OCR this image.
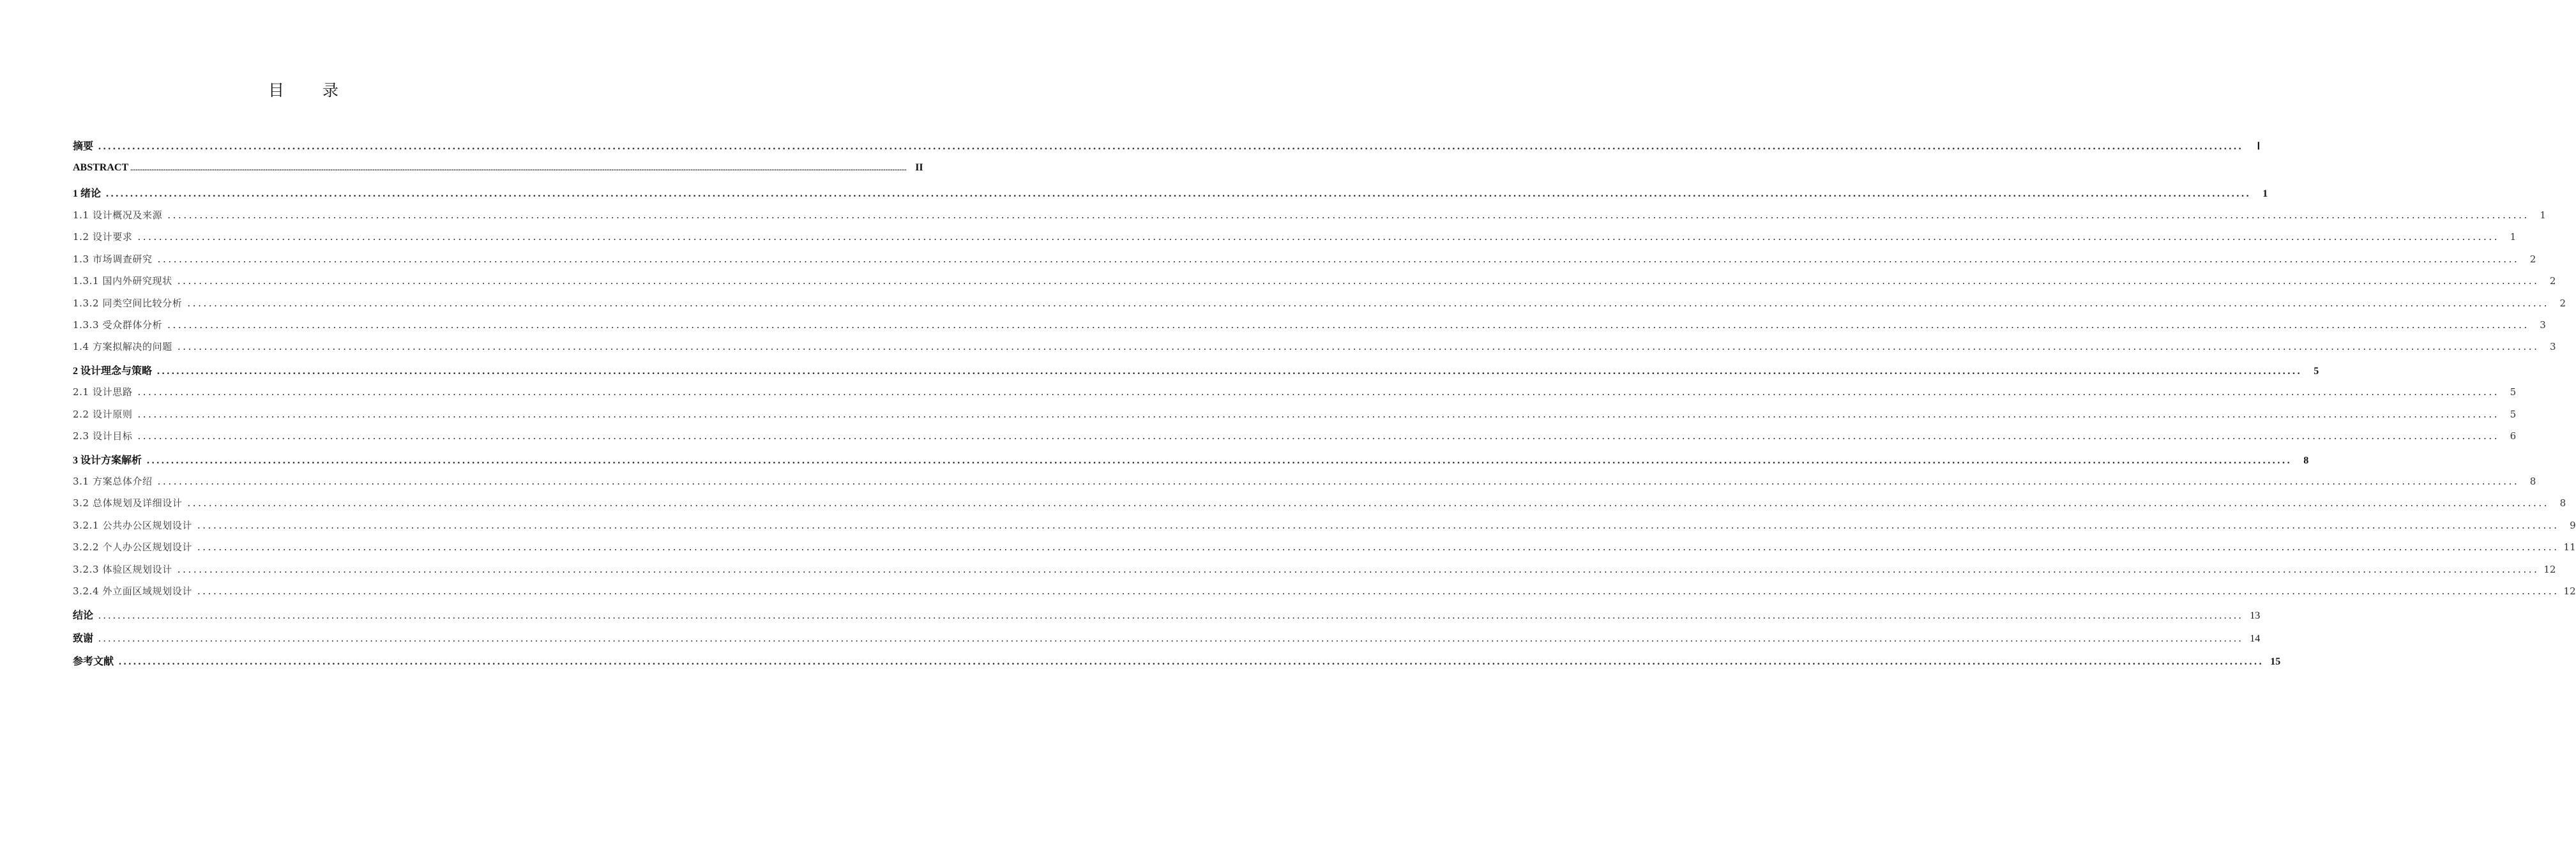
目 录
摘要 ..........................................................................................................................................................................................................................................................................................................................................................................................................................................................	Ⅰ
ABSTRACT .......................................................................................................................................................................................................................................................................................................................................................................................................................................................... II
1 绪论 ..........................................................................................................................................................................................................................................................................................................................................................................................................................................................	1
1.1 设计概况及来源 ..........................................................................................................................................................................................................................................................................................................................................................................................................................................................	1
1.2 设计要求 ..........................................................................................................................................................................................................................................................................................................................................................................................................................................................	1
1.3 市场调查研究 ..........................................................................................................................................................................................................................................................................................................................................................................................................................................................	2
1.3.1 国内外研究现状 ..........................................................................................................................................................................................................................................................................................................................................................................................................................................................	2
1.3.2 同类空间比较分析 ..........................................................................................................................................................................................................................................................................................................................................................................................................................................................	2
1.3.3 受众群体分析 ..........................................................................................................................................................................................................................................................................................................................................................................................................................................................	3
1.4 方案拟解决的问题 ..........................................................................................................................................................................................................................................................................................................................................................................................................................................................	3
2 设计理念与策略 ..........................................................................................................................................................................................................................................................................................................................................................................................................................................................	5
2.1 设计思路 ..........................................................................................................................................................................................................................................................................................................................................................................................................................................................	5
2.2 设计原则 ..........................................................................................................................................................................................................................................................................................................................................................................................................................................................	5
2.3 设计目标 ..........................................................................................................................................................................................................................................................................................................................................................................................................................................................	6
3 设计方案解析 ..........................................................................................................................................................................................................................................................................................................................................................................................................................................................	8
3.1 方案总体介绍 ..........................................................................................................................................................................................................................................................................................................................................................................................................................................................	8
3.2 总体规划及详细设计 ..........................................................................................................................................................................................................................................................................................................................................................................................................................................................	8
3.2.1 公共办公区规划设计 ..........................................................................................................................................................................................................................................................................................................................................................................................................................................................	9
3.2.2 个人办公区规划设计 .......................................................................................................................................................................................................................................................................................................................................................................................................................................................... 11
3.2.3 体验区规划设计 .......................................................................................................................................................................................................................................................................................................................................................................................................................................................... 12
3.2.4 外立面区域规划设计 .......................................................................................................................................................................................................................................................................................................................................................................................................................................................... 12
结论 .......................................................................................................................................................................................................................................................................................................................................................................................................................................................... 13
致谢 .......................................................................................................................................................................................................................................................................................................................................................................................................................................................... 14
参考文献 .......................................................................................................................................................................................................................................................................................................................................................................................................................................................... 15
